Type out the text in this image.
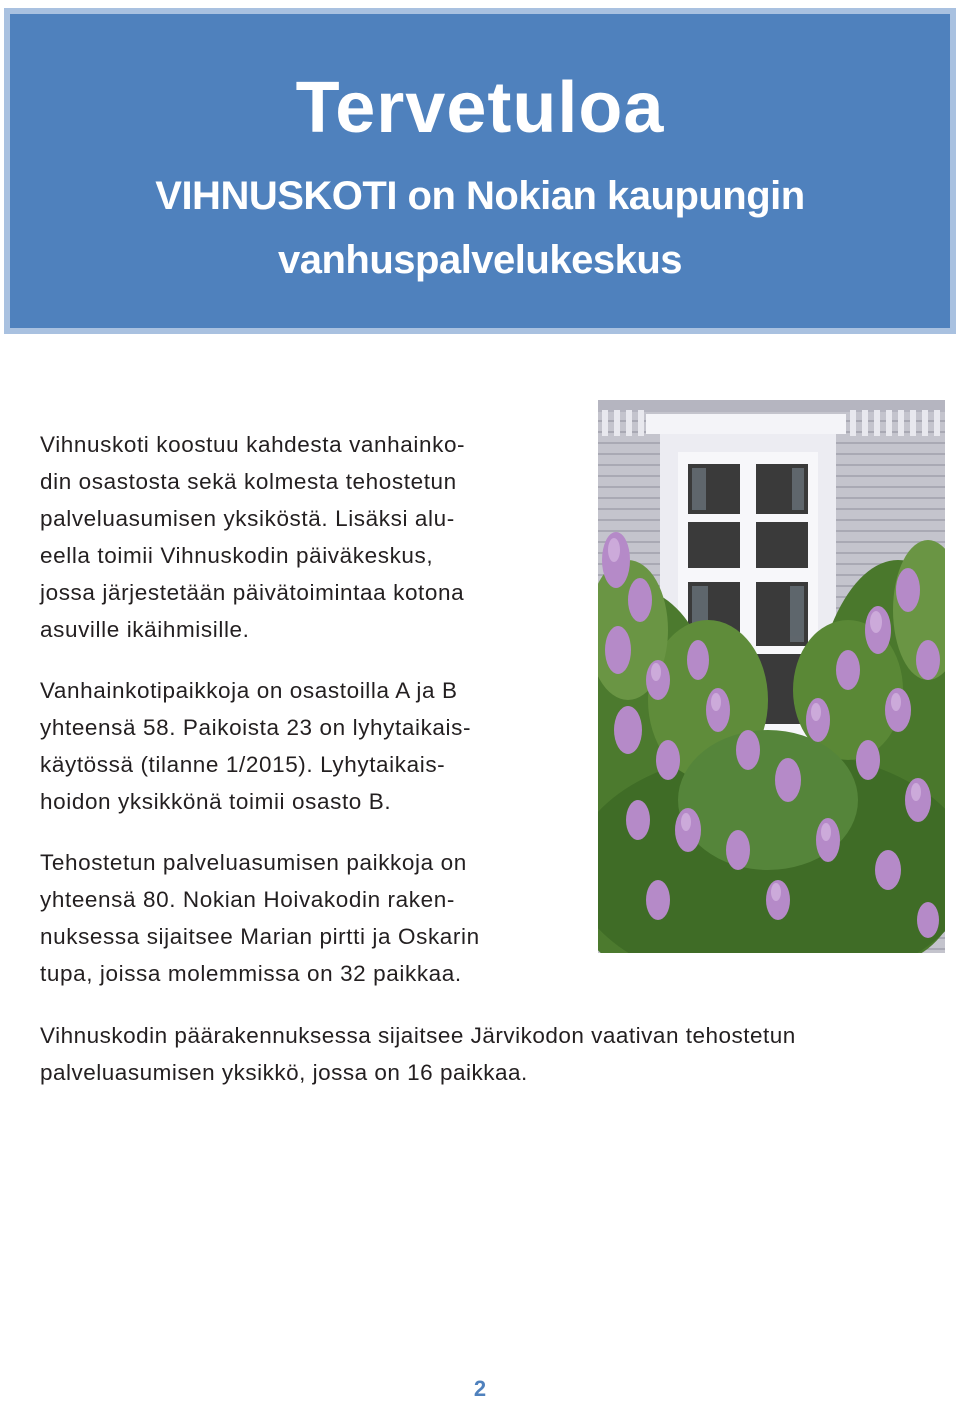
Tervetuloa
VIHNUSKOTI on Nokian kaupungin
vanhuspalvelukeskus

Vihnuskoti koostuu kahdesta vanhainko-
din osastosta sekä kolmesta tehostetun
palveluasumisen yksiköstä. Lisäksi alu-
eella toimii Vihnuskodin päiväkeskus,
jossa järjestetään päivätoimintaa kotona
asuville ikäihmisille.

Vanhainkotipaikkoja on osastoilla A ja B
yhteensä 58. Paikoista 23 on lyhytaikais-
käytössä (tilanne 1/2015). Lyhytaikais-
hoidon yksikkönä toimii osasto B.

Tehostetun palveluasumisen paikkoja on
yhteensä 80. Nokian Hoivakodin raken-
nuksessa sijaitsee Marian pirtti ja Oskarin
tupa, joissa molemmissa on 32 paikkaa.

Vihnuskodin päärakennuksessa sijaitsee Järvikodon vaativan tehostetun
palveluasumisen yksikkö, jossa on 16 paikkaa.

2
